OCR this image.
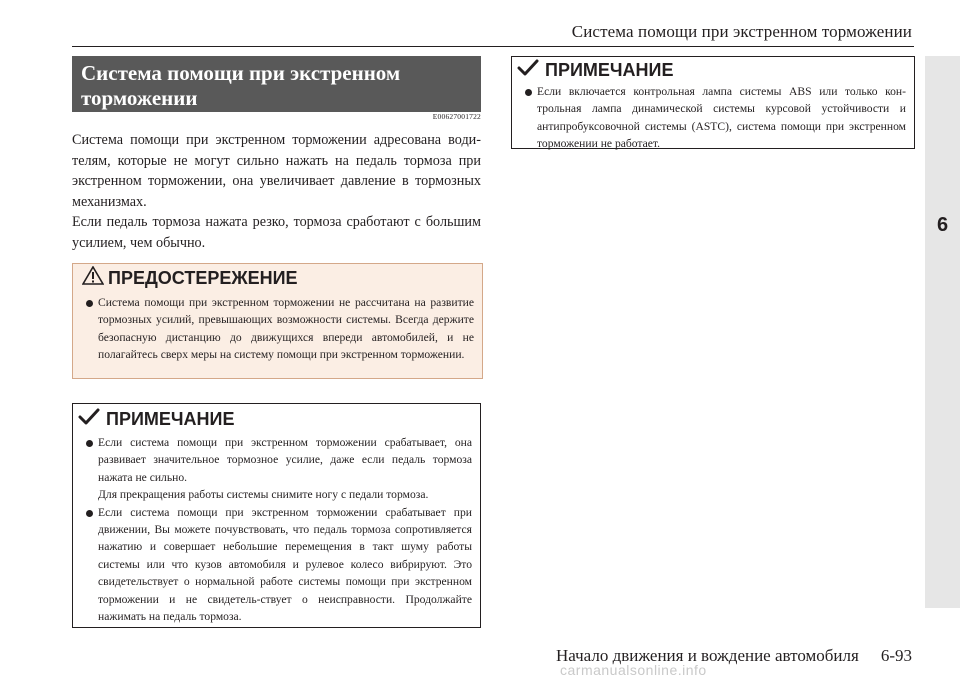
Система помощи при экстренном торможении
6
Система помощи при экстренном торможении
E00627001722
Система помощи при экстренном торможении адресована води-телям, которые не могут сильно нажать на педаль тормоза при экстренном торможении, она увеличивает давление в тормозных механизмах.
Если педаль тормоза нажата резко, тормоза сработают с большим усилием, чем обычно.
ПРЕДОСТЕРЕЖЕНИЕ
Система помощи при экстренном торможении не рассчитана на развитие тормозных усилий, превышающих возможности системы. Всегда держите безопасную дистанцию до движущихся впереди автомобилей, и не полагайтесь сверх меры на систему помощи при экстренном торможении.
ПРИМЕЧАНИЕ
Если система помощи при экстренном торможении срабатывает, она развивает значительное тормозное усилие, даже если педаль тормоза нажата не сильно.
Для прекращения работы системы снимите ногу с педали тормоза.
Если система помощи при экстренном торможении срабатывает при движении, Вы можете почувствовать, что педаль тормоза сопротивляется нажатию и совершает небольшие перемещения в такт шуму работы системы или что кузов автомобиля и рулевое колесо вибрируют. Это свидетельствует о нормальной работе системы помощи при экстренном торможении и не свидетель-ствует о неисправности. Продолжайте нажимать на педаль тормоза.
ПРИМЕЧАНИЕ
Если включается контрольная лампа системы ABS или только кон-трольная лампа динамической системы курсовой устойчивости и антипробуксовочной системы (ASTC), система помощи при экстренном торможении не работает.
Начало движения и вождение автомобиля 6-93
carmanualsonline.info
